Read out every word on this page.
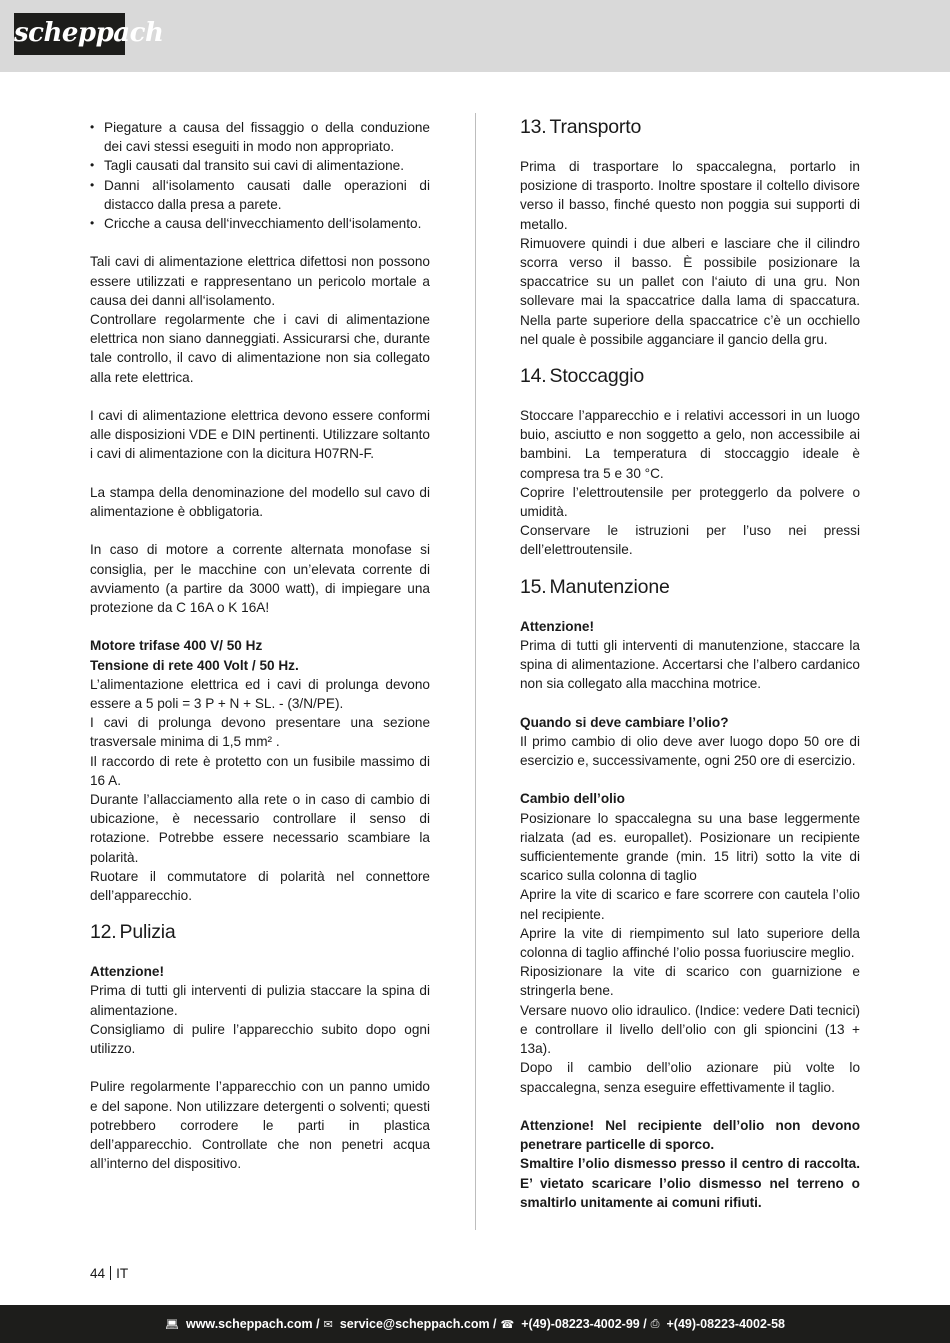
scheppach
• Piegature a causa del fissaggio o della conduzione dei cavi stessi eseguiti in modo non appropriato.
• Tagli causati dal transito sui cavi di alimentazione.
• Danni all‘isolamento causati dalle operazioni di distacco dalla presa a parete.
• Cricche a causa dell‘invecchiamento dell‘isolamento.

Tali cavi di alimentazione elettrica difettosi non possono essere utilizzati e rappresentano un pericolo mortale a causa dei danni all‘isolamento.

Controllare regolarmente che i cavi di alimentazione elettrica non siano danneggiati. Assicurarsi che, durante tale controllo, il cavo di alimentazione non sia collegato alla rete elettrica.

I cavi di alimentazione elettrica devono essere conformi alle disposizioni VDE e DIN pertinenti. Utilizzare soltanto i cavi di alimentazione con la dicitura H07RN-F.

La stampa della denominazione del modello sul cavo di alimentazione è obbligatoria.

In caso di motore a corrente alternata monofase si consiglia, per le macchine con un’elevata corrente di avviamento (a partire da 3000 watt), di impiegare una protezione da C 16A o K 16A!

Motore trifase 400 V/ 50 Hz

Tensione di rete 400 Volt / 50 Hz.

L’alimentazione elettrica ed i cavi di prolunga devono essere a 5 poli = 3 P + N + SL. - (3/N/PE).

I cavi di prolunga devono presentare una sezione trasversale minima di 1,5 mm² .

Il raccordo di rete è protetto con un fusibile massimo di 16 A.

Durante l’allacciamento alla rete o in caso di cambio di ubicazione, è necessario controllare il senso di rotazione. Potrebbe essere necessario scambiare la polarità.

Ruotare il commutatore di polarità nel connettore dell’apparecchio.

12. Pulizia

Attenzione!

Prima di tutti gli interventi di pulizia staccare la spina di alimentazione.

Consigliamo di pulire l’apparecchio subito dopo ogni utilizzo.

Pulire regolarmente l’apparecchio con un panno umido e del sapone. Non utilizzare detergenti o solventi; questi potrebbero corrodere le parti in plastica dell’apparecchio. Controllate che non penetri acqua all’interno del dispositivo.

13. Transporto

Prima di trasportare lo spaccalegna, portarlo in posizione di trasporto. Inoltre spostare il coltello divisore verso il basso, finché questo non poggia sui supporti di metallo.

Rimuovere quindi i due alberi e lasciare che il cilindro scorra verso il basso. È possibile posizionare la spaccatrice su un pallet con l‘aiuto di una gru. Non sollevare mai la spaccatrice dalla lama di spaccatura. Nella parte superiore della spaccatrice c’è un occhiello nel quale è possibile agganciare il gancio della gru.

14. Stoccaggio

Stoccare l’apparecchio e i relativi accessori in un luogo buio, asciutto e non soggetto a gelo, non accessibile ai bambini. La temperatura di stoccaggio ideale è compresa tra 5 e 30 °C.

Coprire l’elettroutensile per proteggerlo da polvere o umidità.

Conservare le istruzioni per l’uso nei pressi dell’elettroutensile.

15. Manutenzione

Attenzione!

Prima di tutti gli interventi di manutenzione, staccare la spina di alimentazione. Accertarsi che l’albero cardanico non sia collegato alla macchina motrice.

Quando si deve cambiare l’olio?

Il primo cambio di olio deve aver luogo dopo 50 ore di esercizio e, successivamente, ogni 250 ore di esercizio.

Cambio dell’olio

Posizionare lo spaccalegna su una base leggermente rialzata (ad es. europallet). Posizionare un recipiente sufficientemente grande (min. 15 litri) sotto la vite di scarico sulla colonna di taglio

Aprire la vite di scarico e fare scorrere con cautela l’olio nel recipiente.

Aprire la vite di riempimento sul lato superiore della colonna di taglio affinché l’olio possa fuoriuscire meglio.

Riposizionare la vite di scarico con guarnizione e stringerla bene.

Versare nuovo olio idraulico. (Indice: vedere Dati tecnici) e controllare il livello dell’olio con gli spioncini (13 + 13a).

Dopo il cambio dell’olio azionare più volte lo spaccalegna, senza eseguire effettivamente il taglio.

Attenzione! Nel recipiente dell’olio non devono penetrare particelle di sporco.

Smaltire l’olio dismesso presso il centro di raccolta. E’ vietato scaricare l’olio dismesso nel terreno o smaltirlo unitamente ai comuni rifiuti.

44 IT
💻︎ www.scheppach.com / ✉ service@scheppach.com / ☎ +(49)-08223-4002-99 / ⎙ +(49)-08223-4002-58
